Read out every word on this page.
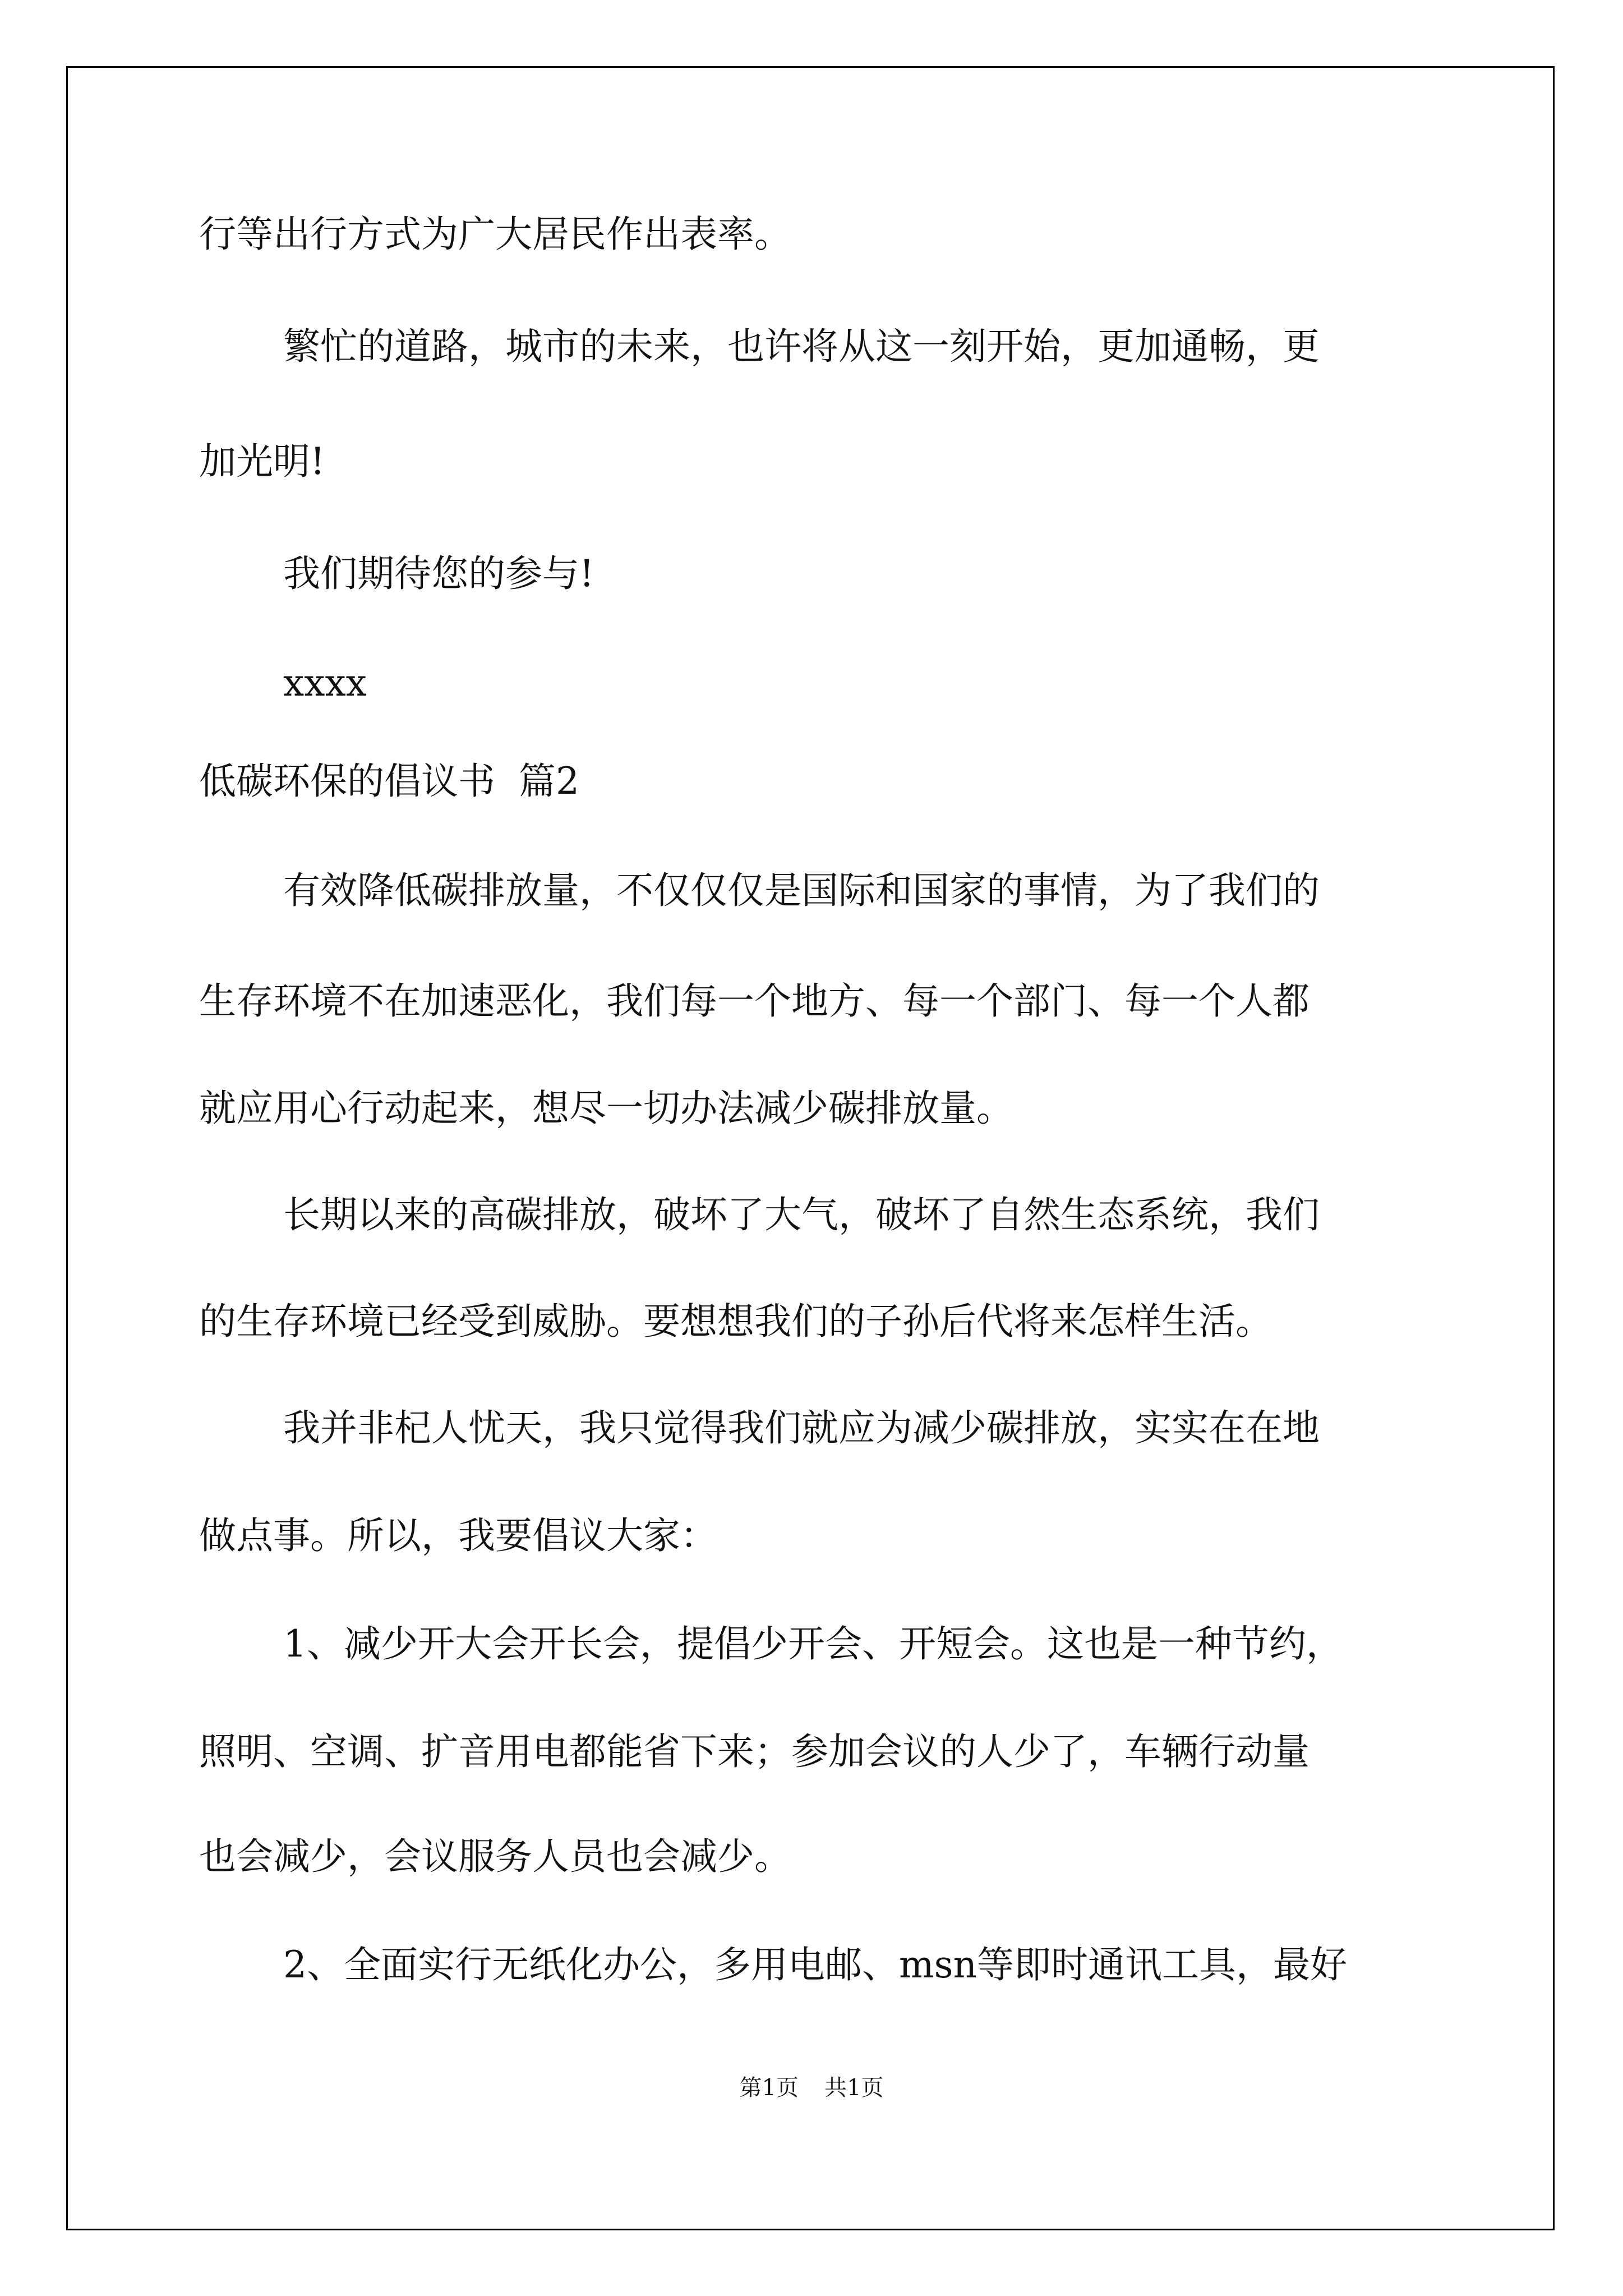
行等出行方式为广大居民作出表率。
繁忙的道路，城市的未来，也许将从这一刻开始，更加通畅，更
加光明!
我们期待您的参与!
xxxx
低碳环保的倡议书  篇2
有效降低碳排放量，不仅仅仅是国际和国家的事情，为了我们的
生存环境不在加速恶化，我们每一个地方、每一个部门、每一个人都
就应用心行动起来，想尽一切办法减少碳排放量。
长期以来的高碳排放，破坏了大气，破坏了自然生态系统，我们
的生存环境已经受到威胁。要想想我们的子孙后代将来怎样生活。
我并非杞人忧天，我只觉得我们就应为减少碳排放，实实在在地
做点事。所以，我要倡议大家：
1、减少开大会开长会，提倡少开会、开短会。这也是一种节约，
照明、空调、扩音用电都能省下来；参加会议的人少了，车辆行动量
也会减少，会议服务人员也会减少。
2、全面实行无纸化办公，多用电邮、msn等即时通讯工具，最好
第1页 共1页
